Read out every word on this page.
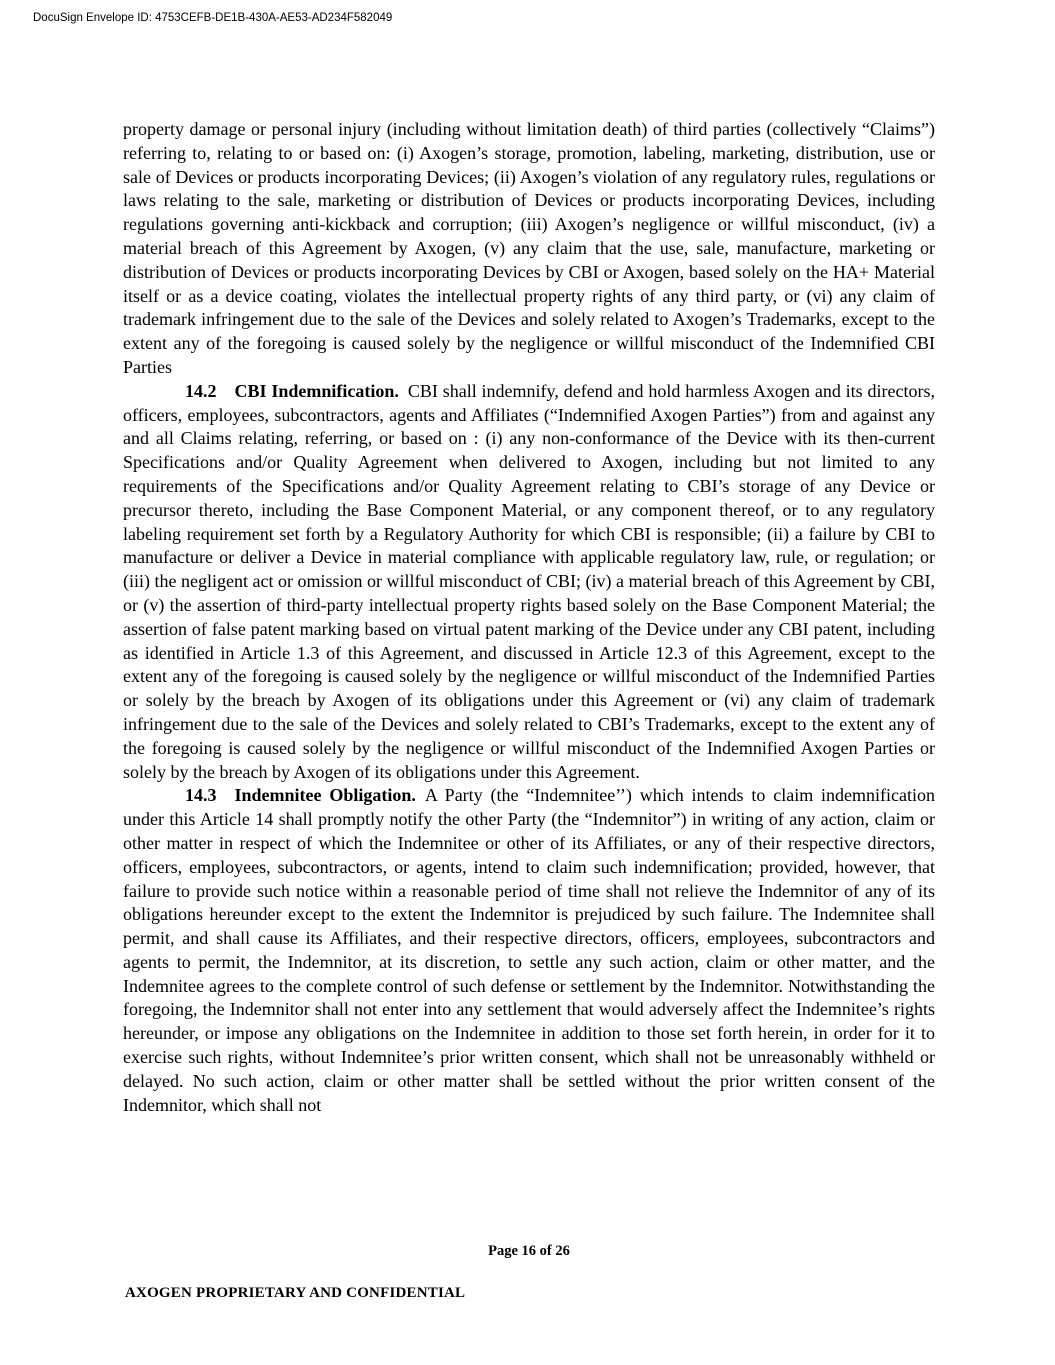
DocuSign Envelope ID: 4753CEFB-DE1B-430A-AE53-AD234F582049

property damage or personal injury (including without limitation death) of third parties (collectively “Claims”) referring to, relating to or based on: (i) Axogen’s storage, promotion, labeling, marketing, distribution, use or sale of Devices or products incorporating Devices; (ii) Axogen’s violation of any regulatory rules, regulations or laws relating to the sale, marketing or distribution of Devices or products incorporating Devices, including regulations governing anti-kickback and corruption; (iii) Axogen’s negligence or willful misconduct, (iv) a material breach of this Agreement by Axogen, (v) any claim that the use, sale, manufacture, marketing or distribution of Devices or products incorporating Devices by CBI or Axogen, based solely on the HA+ Material itself or as a device coating, violates the intellectual property rights of any third party, or (vi) any claim of trademark infringement due to the sale of the Devices and solely related to Axogen’s Trademarks, except to the extent any of the foregoing is caused solely by the negligence or willful misconduct of the Indemnified CBI Parties

14.2 CBI Indemnification. CBI shall indemnify, defend and hold harmless Axogen and its directors, officers, employees, subcontractors, agents and Affiliates (“Indemnified Axogen Parties”) from and against any and all Claims relating, referring, or based on : (i) any non-conformance of the Device with its then-current Specifications and/or Quality Agreement when delivered to Axogen, including but not limited to any requirements of the Specifications and/or Quality Agreement relating to CBI’s storage of any Device or precursor thereto, including the Base Component Material, or any component thereof, or to any regulatory labeling requirement set forth by a Regulatory Authority for which CBI is responsible; (ii) a failure by CBI to manufacture or deliver a Device in material compliance with applicable regulatory law, rule, or regulation; or (iii) the negligent act or omission or willful misconduct of CBI; (iv) a material breach of this Agreement by CBI, or (v) the assertion of third-party intellectual property rights based solely on the Base Component Material; the assertion of false patent marking based on virtual patent marking of the Device under any CBI patent, including as identified in Article 1.3 of this Agreement, and discussed in Article 12.3 of this Agreement, except to the extent any of the foregoing is caused solely by the negligence or willful misconduct of the Indemnified Parties or solely by the breach by Axogen of its obligations under this Agreement or (vi) any claim of trademark infringement due to the sale of the Devices and solely related to CBI’s Trademarks, except to the extent any of the foregoing is caused solely by the negligence or willful misconduct of the Indemnified Axogen Parties or solely by the breach by Axogen of its obligations under this Agreement.

14.3 Indemnitee Obligation. A Party (the “Indemnitee’’) which intends to claim indemnification under this Article 14 shall promptly notify the other Party (the “Indemnitor”) in writing of any action, claim or other matter in respect of which the Indemnitee or other of its Affiliates, or any of their respective directors, officers, employees, subcontractors, or agents, intend to claim such indemnification; provided, however, that failure to provide such notice within a reasonable period of time shall not relieve the Indemnitor of any of its obligations hereunder except to the extent the Indemnitor is prejudiced by such failure. The Indemnitee shall permit, and shall cause its Affiliates, and their respective directors, officers, employees, subcontractors and agents to permit, the Indemnitor, at its discretion, to settle any such action, claim or other matter, and the Indemnitee agrees to the complete control of such defense or settlement by the Indemnitor. Notwithstanding the foregoing, the Indemnitor shall not enter into any settlement that would adversely affect the Indemnitee’s rights hereunder, or impose any obligations on the Indemnitee in addition to those set forth herein, in order for it to exercise such rights, without Indemnitee’s prior written consent, which shall not be unreasonably withheld or delayed. No such action, claim or other matter shall be settled without the prior written consent of the Indemnitor, which shall not

Page 16 of 26
AXOGEN PROPRIETARY AND CONFIDENTIAL
